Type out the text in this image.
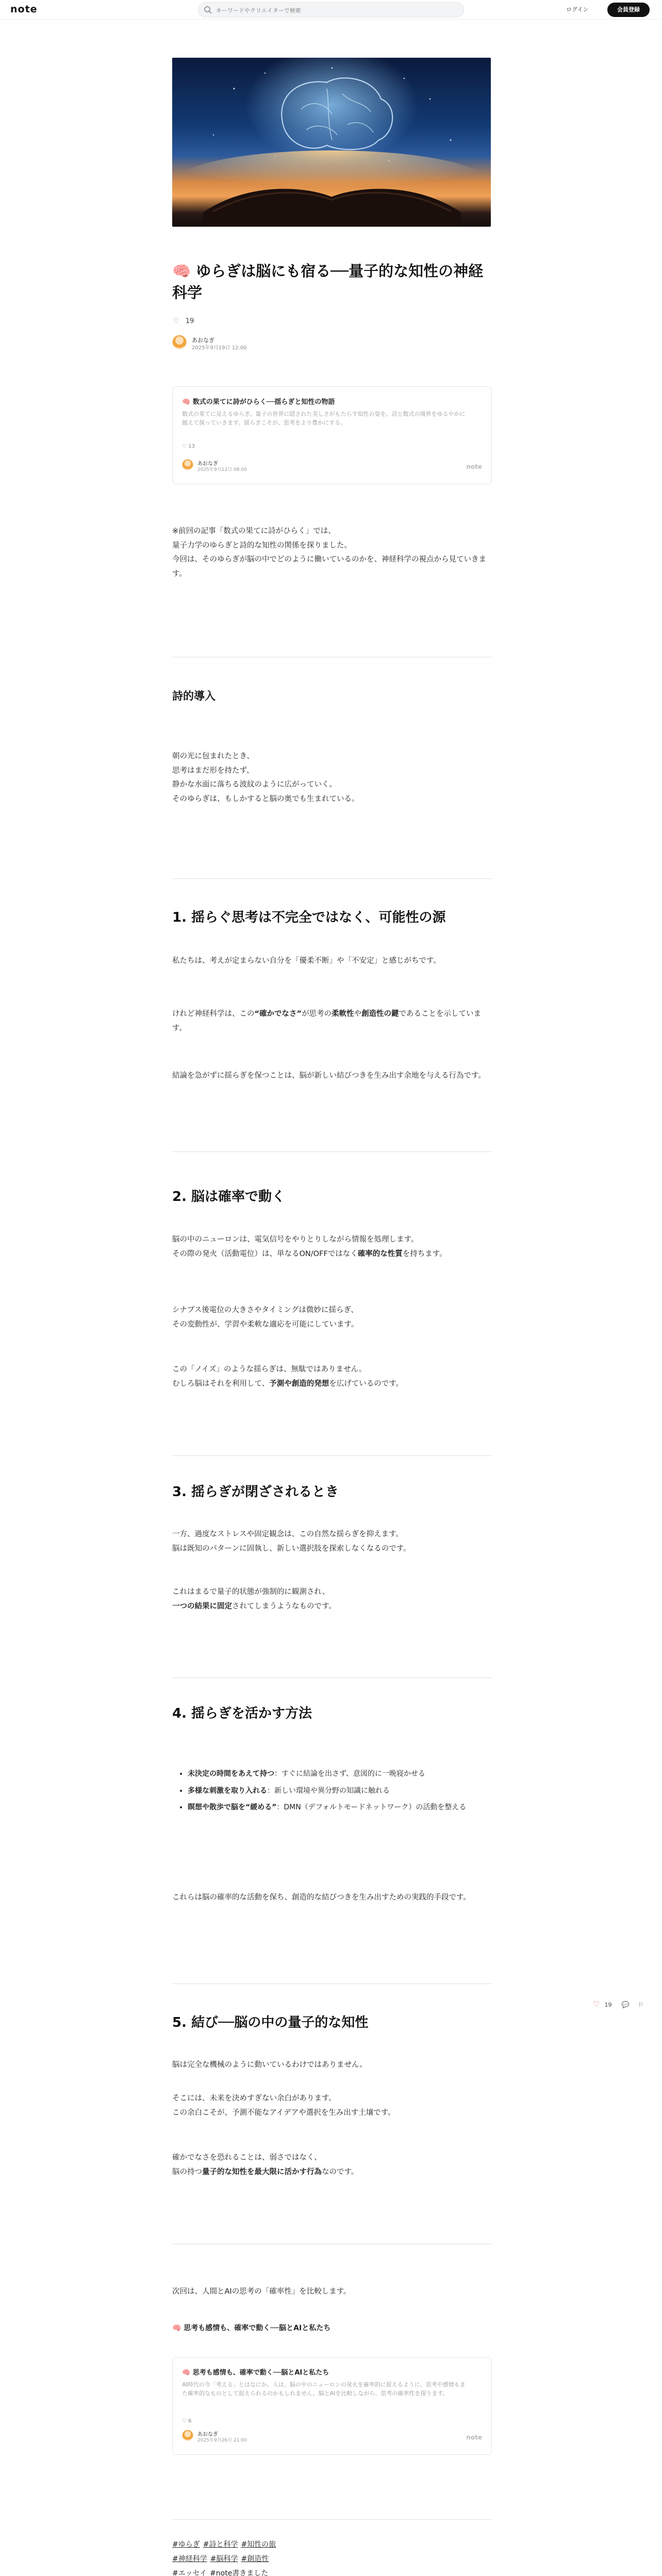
note
キーワードやクリエイターで検索	ログイン	会員登録
🧠 ゆらぎは脳にも宿る──量子的な知性の神経科学
♡ 19
あおなぎ
2025年9月19日 12:00
🧠 数式の果てに詩がひらく──揺らぎと知性の物語
数式の果てに見えるゆらぎ。量子の世界に隠された美しさがもたらす知性の姿を、詩と数式の境界をゆるやかに越えて探っていきます。揺らぎこそが、思考をより豊かにする。
♡ 13
あおなぎ
2025年9月12日 08:00	note
※前回の記事「数式の果てに詩がひらく」では、
量子力学のゆらぎと詩的な知性の関係を探りました。
今回は、そのゆらぎが脳の中でどのように働いているのかを、神経科学の視点から見ていきます。
詩的導入
朝の光に包まれたとき、
思考はまだ形を持たず、
静かな水面に落ちる波紋のように広がっていく。
そのゆらぎは、もしかすると脳の奥でも生まれている。
1. 揺らぐ思考は不完全ではなく、可能性の源
私たちは、考えが定まらない自分を「優柔不断」や「不安定」と感じがちです。
けれど神経科学は、この“確かでなさ”が思考の柔軟性や創造性の鍵であることを示しています。
結論を急がずに揺らぎを保つことは、脳が新しい結びつきを生み出す余地を与える行為です。
2. 脳は確率で動く
脳の中のニューロンは、電気信号をやりとりしながら情報を処理します。
その際の発火（活動電位）は、単なるON/OFFではなく確率的な性質を持ちます。
シナプス後電位の大きさやタイミングは微妙に揺らぎ、
その変動性が、学習や柔軟な適応を可能にしています。
この「ノイズ」のような揺らぎは、無駄ではありません。
むしろ脳はそれを利用して、予測や創造的発想を広げているのです。
3. 揺らぎが閉ざされるとき
一方、過度なストレスや固定観念は、この自然な揺らぎを抑えます。
脳は既知のパターンに固執し、新しい選択肢を探索しなくなるのです。
これはまるで量子的状態が強制的に観測され、
一つの結果に固定されてしまうようなものです。
4. 揺らぎを活かす方法
• 未決定の時間をあえて持つ：すぐに結論を出さず、意図的に一晩寝かせる
• 多様な刺激を取り入れる：新しい環境や異分野の知識に触れる
• 瞑想や散歩で脳を“緩める”：DMN（デフォルトモードネットワーク）の活動を整える
これらは脳の確率的な活動を保ち、創造的な結びつきを生み出すための実践的手段です。
5. 結び──脳の中の量子的な知性
脳は完全な機械のように動いているわけではありません。
そこには、未来を決めすぎない余白があります。
この余白こそが、予測不能なアイデアや選択を生み出す土壌です。
確かでなさを恐れることは、弱さではなく、
脳の持つ量子的な知性を最大限に活かす行為なのです。
次回は、人間とAIの思考の「確率性」を比較します。
🧠 思考も感情も、確率で動く──脳とAIと私たち
🧠 思考も感情も、確率で動く──脳とAIと私たち
AI時代の今「考える」とはなにか。人は、脳の中のニューロンの発火を確率的に捉えるように、思考や感情もまた確率的なものとして捉えられるのかもしれません。脳とAIを比較しながら、思考の確率性を探ります。
♡ 6
あおなぎ
2025年9月26日 21:00	note
#ゆらぎ #詩と科学 #知性の旅
#神経科学 #脳科学 #創造性
#エッセイ #note書きました

♡ 19 💬 ⚐
